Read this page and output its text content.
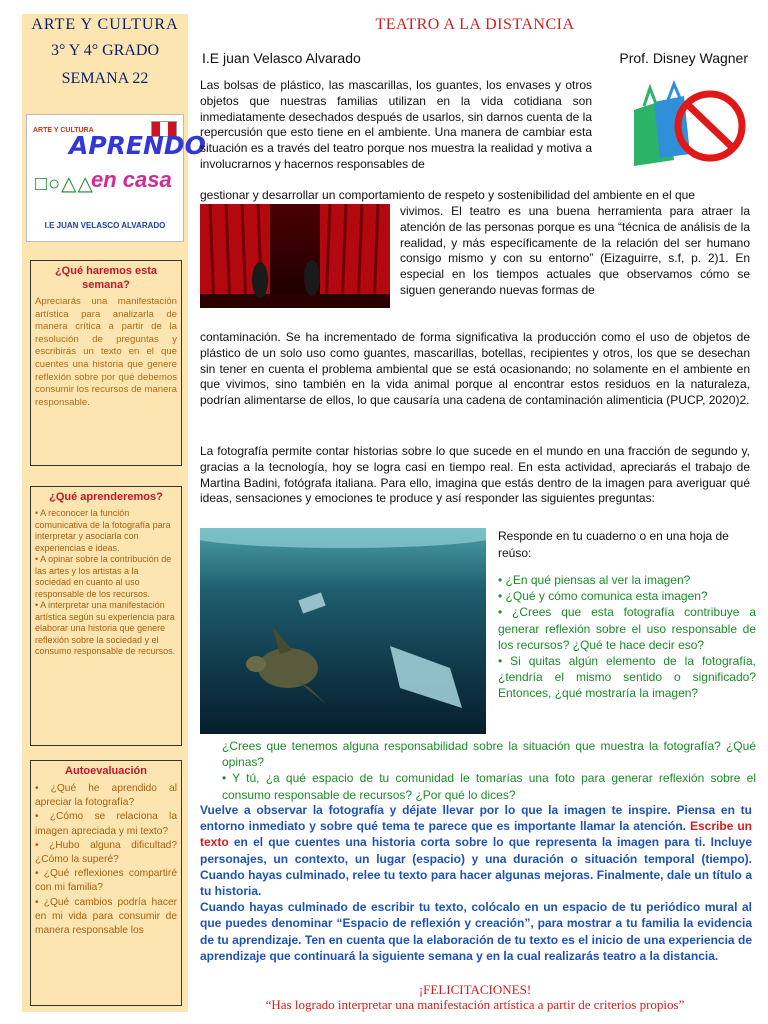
ARTE Y CULTURA
3° Y 4° GRADO
SEMANA 22
ARTE Y CULTURA
APRENDO
□○△△
en casa
I.E JUAN VELASCO ALVARADO
¿Qué haremos esta semana?
Apreciarás una manifestación artística para analizarla de manera crítica a partir de la resolución de preguntas y escribirás un texto en el que cuentes una historia que genere reflexión sobre por qué debemos consumir los recursos de manera responsable.
¿Qué aprenderemos?

• A reconocer la función comunicativa de la fotografía para interpretar y asociarla con experiencias e ideas.

• A opinar sobre la contribución de las artes y los artistas a la sociedad en cuanto al uso responsable de los recursos.

• A interpretar una manifestación artística según su experiencia para elaborar una historia que genere reflexión sobre la sociedad y el consumo responsable de recursos.

Autoevaluación

• ¿Qué he aprendido al apreciar la fotografía?

• ¿Cómo se relaciona la imagen apreciada y mi texto?

• ¿Hubo alguna dificultad? ¿Cómo la superé?

• ¿Qué reflexiones compartiré con mi familia?

• ¿Qué cambios podría hacer en mi vida para consumir de manera responsable los

TEATRO A LA DISTANCIA
I.E juan Velasco Alvarado	Prof. Disney Wagner

Las bolsas de plástico, las mascarillas, los guantes, los envases y otros objetos que nuestras familias utilizan en la vida cotidiana son inmediatamente desechados después de usarlos, sin darnos cuenta de la repercusión que esto tiene en el ambiente. Una manera de cambiar esta situación es a través del teatro porque nos muestra la realidad y motiva a involucrarnos y hacernos responsables de

gestionar y desarrollar un comportamiento de respeto y sostenibilidad del ambiente en el que

vivimos. El teatro es una buena herramienta para atraer la atención de las personas porque es una “técnica de análisis de la realidad, y más específicamente de la relación del ser humano consigo mismo y con su entorno” (Eizaguirre, s.f, p. 2)1. En especial en los tiempos actuales que observamos cómo se siguen generando nuevas formas de

contaminación. Se ha incrementado de forma significativa la producción como el uso de objetos de plástico de un solo uso como guantes, mascarillas, botellas, recipientes y otros, los que se desechan sin tener en cuenta el problema ambiental que se está ocasionando; no solamente en el ambiente en que vivimos, sino también en la vida animal porque al encontrar estos residuos en la naturaleza, podrían alimentarse de ellos, lo que causaría una cadena de contaminación alimenticia (PUCP, 2020)2.

La fotografía permite contar historias sobre lo que sucede en el mundo en una fracción de segundo y, gracias a la tecnología, hoy se logra casi en tiempo real. En esta actividad, apreciarás el trabajo de Martina Badini, fotógrafa italiana. Para ello, imagina que estás dentro de la imagen para averiguar qué ideas, sensaciones y emociones te produce y así responder las siguientes preguntas:

Responde en tu cuaderno o en una hoja de reúso:

• ¿En qué piensas al ver la imagen?

• ¿Qué y cómo comunica esta imagen?

• ¿Crees que esta fotografía contribuye a generar reflexión sobre el uso responsable de los recursos? ¿Qué te hace decir eso?

• Si quitas algún elemento de la fotografía, ¿tendría el mismo sentido o significado? Entonces, ¿qué mostraría la imagen?

¿Crees que tenemos alguna responsabilidad sobre la situación que muestra la fotografía? ¿Qué opinas?

• Y tú, ¿a qué espacio de tu comunidad le tomarías una foto para generar reflexión sobre el consumo responsable de recursos? ¿Por qué lo dices?

Vuelve a observar la fotografía y déjate llevar por lo que la imagen te inspire. Piensa en tu entorno inmediato y sobre qué tema te parece que es importante llamar la atención. Escribe un texto en el que cuentes una historia corta sobre lo que representa la imagen para ti. Incluye personajes, un contexto, un lugar (espacio) y una duración o situación temporal (tiempo). Cuando hayas culminado, relee tu texto para hacer algunas mejoras. Finalmente, dale un título a tu historia.

Cuando hayas culminado de escribir tu texto, colócalo en un espacio de tu periódico mural al que puedes denominar “Espacio de reflexión y creación”, para mostrar a tu familia la evidencia de tu aprendizaje. Ten en cuenta que la elaboración de tu texto es el inicio de una experiencia de aprendizaje que continuará la siguiente semana y en la cual realizarás teatro a la distancia.

¡FELICITACIONES!
“Has logrado interpretar una manifestación artística a partir de criterios propios”
